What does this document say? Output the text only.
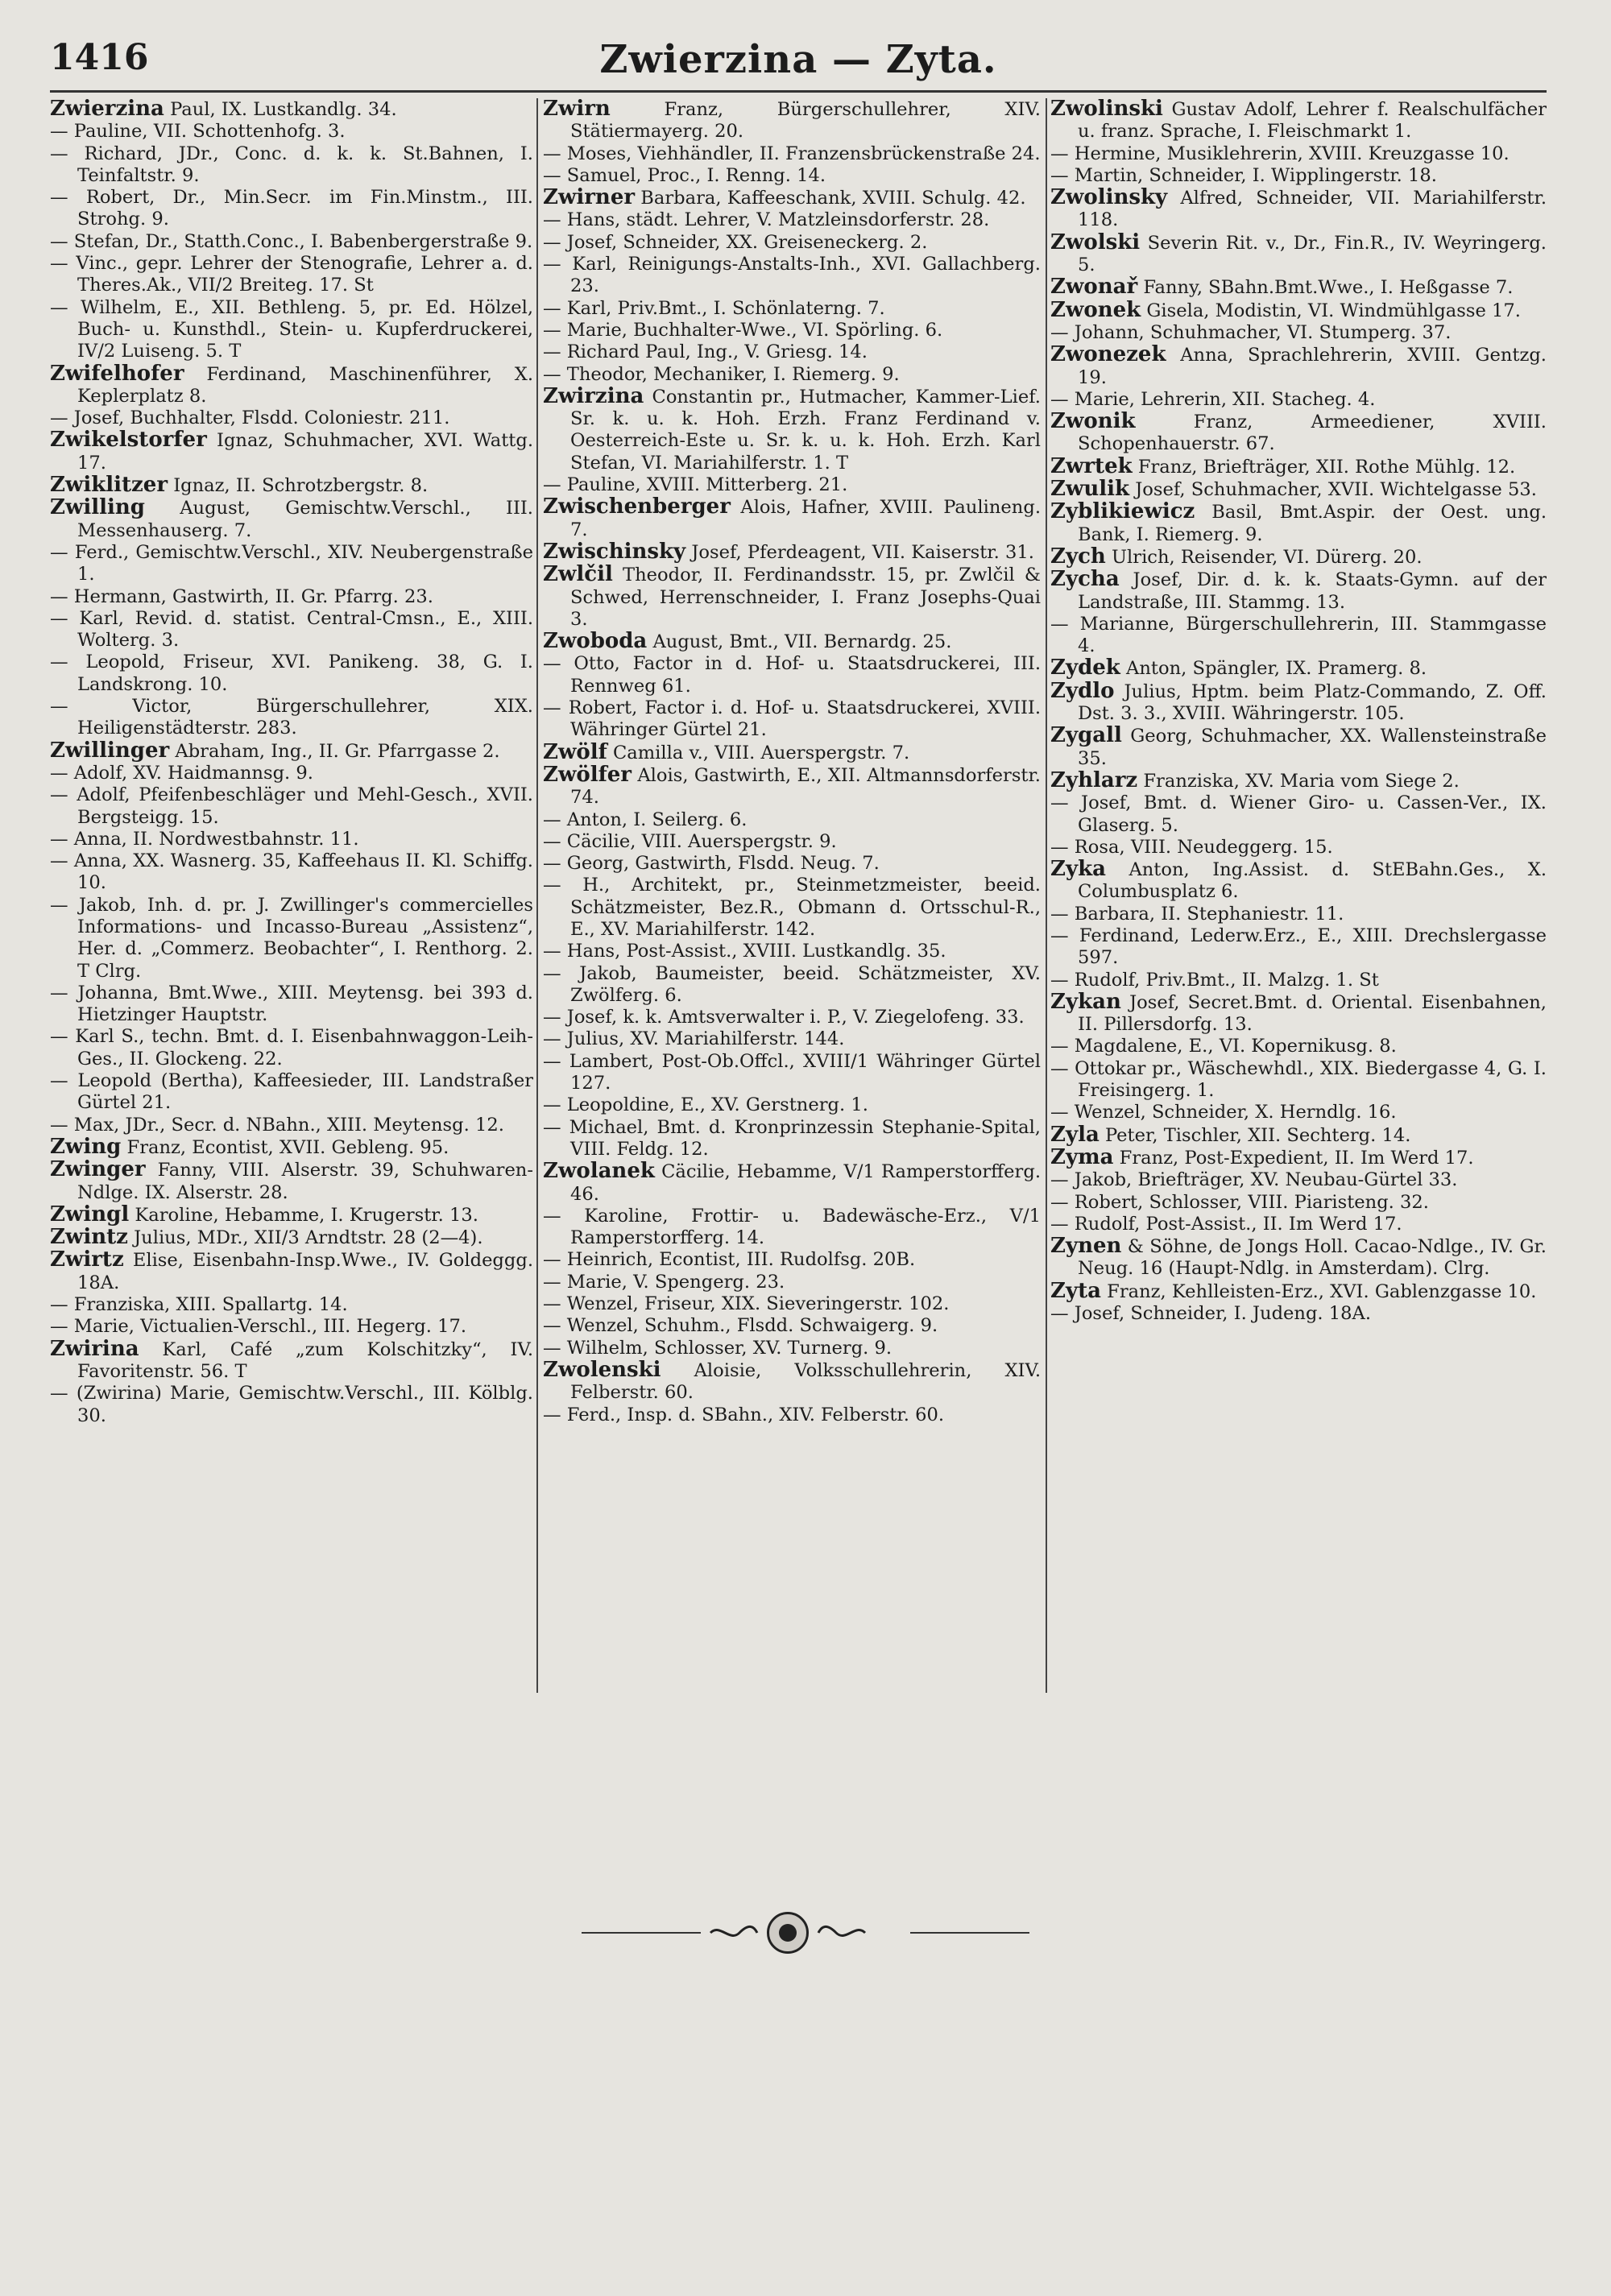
1416	Zwierzina — Zyta.
Zwierzina Paul, IX. Lustkandlg. 34.
— Pauline, VII. Schottenhofg. 3.
— Richard, JDr., Conc. d. k. k. St.Bahnen, I. Teinfaltstr. 9.
— Robert, Dr., Min.Secr. im Fin.Minstm., III. Strohg. 9.
— Stefan, Dr., Statth.Conc., I. Babenbergerstraße 9.
— Vinc., gepr. Lehrer der Stenografie, Lehrer a. d. Theres.Ak., VII/2 Breiteg. 17. St
— Wilhelm, E., XII. Bethleng. 5, pr. Ed. Hölzel, Buch- u. Kunsthdl., Stein- u. Kupferdruckerei, IV/2 Luiseng. 5. T
Zwifelhofer Ferdinand, Maschinenführer, X. Keplerplatz 8.
— Josef, Buchhalter, Flsdd. Coloniestr. 211.
Zwikelstorfer Ignaz, Schuhmacher, XVI. Wattg. 17.
Zwiklitzer Ignaz, II. Schrotzbergstr. 8.
Zwilling August, Gemischtw.Verschl., III. Messenhauserg. 7.
— Ferd., Gemischtw.Verschl., XIV. Neubergenstraße 1.
— Hermann, Gastwirth, II. Gr. Pfarrg. 23.
— Karl, Revid. d. statist. Central-Cmsn., E., XIII. Wolterg. 3.
— Leopold, Friseur, XVI. Panikeng. 38, G. I. Landskrong. 10.
— Victor, Bürgerschullehrer, XIX. Heiligenstädterstr. 283.
Zwillinger Abraham, Ing., II. Gr. Pfarrgasse 2.
— Adolf, XV. Haidmannsg. 9.
— Adolf, Pfeifenbeschläger und Mehl-Gesch., XVII. Bergsteigg. 15.
— Anna, II. Nordwestbahnstr. 11.
— Anna, XX. Wasnerg. 35, Kaffeehaus II. Kl. Schiffg. 10.
— Jakob, Inh. d. pr. J. Zwillinger's commercielles Informations- und Incasso-Bureau „Assistenz“, Her. d. „Commerz. Beobachter“, I. Renthorg. 2. T Clrg.
— Johanna, Bmt.Wwe., XIII. Meytensg. bei 393 d. Hietzinger Hauptstr.
— Karl S., techn. Bmt. d. I. Eisenbahnwaggon-Leih-Ges., II. Glockeng. 22.
— Leopold (Bertha), Kaffeesieder, III. Landstraßer Gürtel 21.
— Max, JDr., Secr. d. NBahn., XIII. Meytensg. 12.
Zwing Franz, Econtist, XVII. Gebleng. 95.
Zwinger Fanny, VIII. Alserstr. 39, Schuhwaren-Ndlge. IX. Alserstr. 28.
Zwingl Karoline, Hebamme, I. Krugerstr. 13.
Zwintz Julius, MDr., XII/3 Arndtstr. 28 (2—4).
Zwirtz Elise, Eisenbahn-Insp.Wwe., IV. Goldeggg. 18A.
— Franziska, XIII. Spallartg. 14.
— Marie, Victualien-Verschl., III. Hegerg. 17.
Zwirina Karl, Café „zum Kolschitzky“, IV. Favoritenstr. 56. T
— (Zwirina) Marie, Gemischtw.Verschl., III. Kölblg. 30.
Zwirn	Franz, Bürgerschullehrer, XIV. Stätiermayerg. 20.
— Moses, Viehhändler, II. Franzensbrückenstraße 24.
— Samuel, Proc., I. Renng. 14.
Zwirner Barbara, Kaffeeschank, XVIII. Schulg. 42.
— Hans, städt. Lehrer, V. Matzleinsdorferstr. 28.
— Josef, Schneider, XX. Greiseneckerg. 2.
— Karl, Reinigungs-Anstalts-Inh., XVI. Gallachberg. 23.
— Karl, Priv.Bmt., I. Schönlaterng. 7.
— Marie, Buchhalter-Wwe., VI. Spörling. 6.
— Richard Paul, Ing., V. Griesg. 14.
— Theodor, Mechaniker, I. Riemerg. 9.
Zwirzina Constantin pr., Hutmacher, Kammer-Lief. Sr. k. u. k. Hoh. Erzh. Franz Ferdinand v. Oesterreich-Este u. Sr. k. u. k. Hoh. Erzh. Karl Stefan, VI. Mariahilferstr. 1. T
— Pauline, XVIII. Mitterberg. 21.
Zwischenberger Alois, Hafner, XVIII. Paulineng. 7.
Zwischinsky Josef, Pferdeagent, VII. Kaiserstr. 31.
Zwlčil Theodor, II. Ferdinandsstr. 15, pr. Zwlčil & Schwed, Herrenschneider, I. Franz Josephs-Quai 3.
Zwoboda August, Bmt., VII. Bernardg. 25.
— Otto, Factor in d. Hof- u. Staatsdruckerei, III. Rennweg 61.
— Robert, Factor i. d. Hof- u. Staatsdruckerei, XVIII. Währinger Gürtel 21.
Zwölf Camilla v., VIII. Auerspergstr. 7.
Zwölfer Alois, Gastwirth, E., XII. Altmannsdorferstr. 74.
— Anton, I. Seilerg. 6.
— Cäcilie, VIII. Auerspergstr. 9.
— Georg, Gastwirth, Flsdd. Neug. 7.
— H., Architekt, pr., Steinmetzmeister, beeid. Schätzmeister, Bez.R., Obmann d. Ortsschul-R., E., XV. Mariahilferstr. 142.
— Hans, Post-Assist., XVIII. Lustkandlg. 35.
— Jakob, Baumeister, beeid. Schätzmeister, XV. Zwölferg. 6.
— Josef, k. k. Amtsverwalter i. P., V. Ziegelofeng. 33.
— Julius, XV. Mariahilferstr. 144.
— Lambert, Post-Ob.Offcl., XVIII/1 Währinger Gürtel 127.
— Leopoldine, E., XV. Gerstnerg. 1.
— Michael, Bmt. d. Kronprinzessin Stephanie-Spital, VIII. Feldg. 12.
Zwolanek Cäcilie, Hebamme, V/1 Ramperstorfferg. 46.
— Karoline, Frottir- u. Badewäsche-Erz., V/1 Ramperstorfferg. 14.
— Heinrich, Econtist, III. Rudolfsg. 20B.
— Marie, V. Spengerg. 23.
— Wenzel, Friseur, XIX. Sieveringerstr. 102.
— Wenzel, Schuhm., Flsdd. Schwaigerg. 9.
— Wilhelm, Schlosser, XV. Turnerg. 9.
Zwolenski Aloisie, Volksschullehrerin, XIV. Felberstr. 60.
— Ferd., Insp. d. SBahn., XIV. Felberstr. 60.
Zwolinski Gustav Adolf, Lehrer f. Realschulfächer u. franz. Sprache, I. Fleischmarkt 1.
— Hermine, Musiklehrerin, XVIII. Kreuzgasse 10.
— Martin, Schneider, I. Wipplingerstr. 18.
Zwolinsky Alfred, Schneider, VII. Mariahilferstr. 118.
Zwolski Severin Rit. v., Dr., Fin.R., IV. Weyringerg. 5.
Zwonař Fanny, SBahn.Bmt.Wwe., I. Heßgasse 7.
Zwonek Gisela, Modistin, VI. Windmühlgasse 17.
— Johann, Schuhmacher, VI. Stumperg. 37.
Zwonezek Anna, Sprachlehrerin, XVIII. Gentzg. 19.
— Marie, Lehrerin, XII. Stacheg. 4.
Zwonik	Franz, Armeediener, XVIII. Schopenhauerstr. 67.
Zwrtek Franz, Briefträger, XII. Rothe Mühlg. 12.
Zwulik Josef, Schuhmacher, XVII. Wichtelgasse 53.
Zyblikiewicz Basil, Bmt.Aspir. der Oest. ung. Bank, I. Riemerg. 9.
Zych Ulrich, Reisender, VI. Dürerg. 20.
Zycha Josef, Dir. d. k. k. Staats-Gymn. auf der Landstraße, III. Stammg. 13.
— Marianne, Bürgerschullehrerin, III. Stammgasse 4.
Zydek Anton, Spängler, IX. Pramerg. 8.
Zydlo Julius, Hptm. beim Platz-Commando, Z. Off. Dst. 3. 3., XVIII. Währingerstr. 105.
Zygall Georg, Schuhmacher, XX. Wallensteinstraße 35.
Zyhlarz Franziska, XV. Maria vom Siege 2.
— Josef, Bmt. d. Wiener Giro- u. Cassen-Ver., IX. Glaserg. 5.
— Rosa, VIII. Neudeggerg. 15.
Zyka Anton, Ing.Assist. d. StEBahn.Ges., X. Columbusplatz 6.
— Barbara, II. Stephaniestr. 11.
— Ferdinand, Lederw.Erz., E., XIII. Drechslergasse 597.
— Rudolf, Priv.Bmt., II. Malzg. 1. St
Zykan Josef, Secret.Bmt. d. Oriental. Eisenbahnen, II. Pillersdorfg. 13.
— Magdalene, E., VI. Kopernikusg. 8.
— Ottokar pr., Wäschewhdl., XIX. Biedergasse 4, G. I. Freisingerg. 1.
— Wenzel, Schneider, X. Herndlg. 16.
Zyla Peter, Tischler, XII. Sechterg. 14.
Zyma Franz, Post-Expedient, II. Im Werd 17.
— Jakob, Briefträger, XV. Neubau-Gürtel 33.
— Robert, Schlosser, VIII. Piaristeng. 32.
— Rudolf, Post-Assist., II. Im Werd 17.
Zynen & Söhne, de Jongs Holl. Cacao-Ndlge., IV. Gr. Neug. 16 (Haupt-Ndlg. in Amsterdam). Clrg.
Zyta Franz, Kehlleisten-Erz., XVI. Gablenzgasse 10.
— Josef, Schneider, I. Judeng. 18A.
